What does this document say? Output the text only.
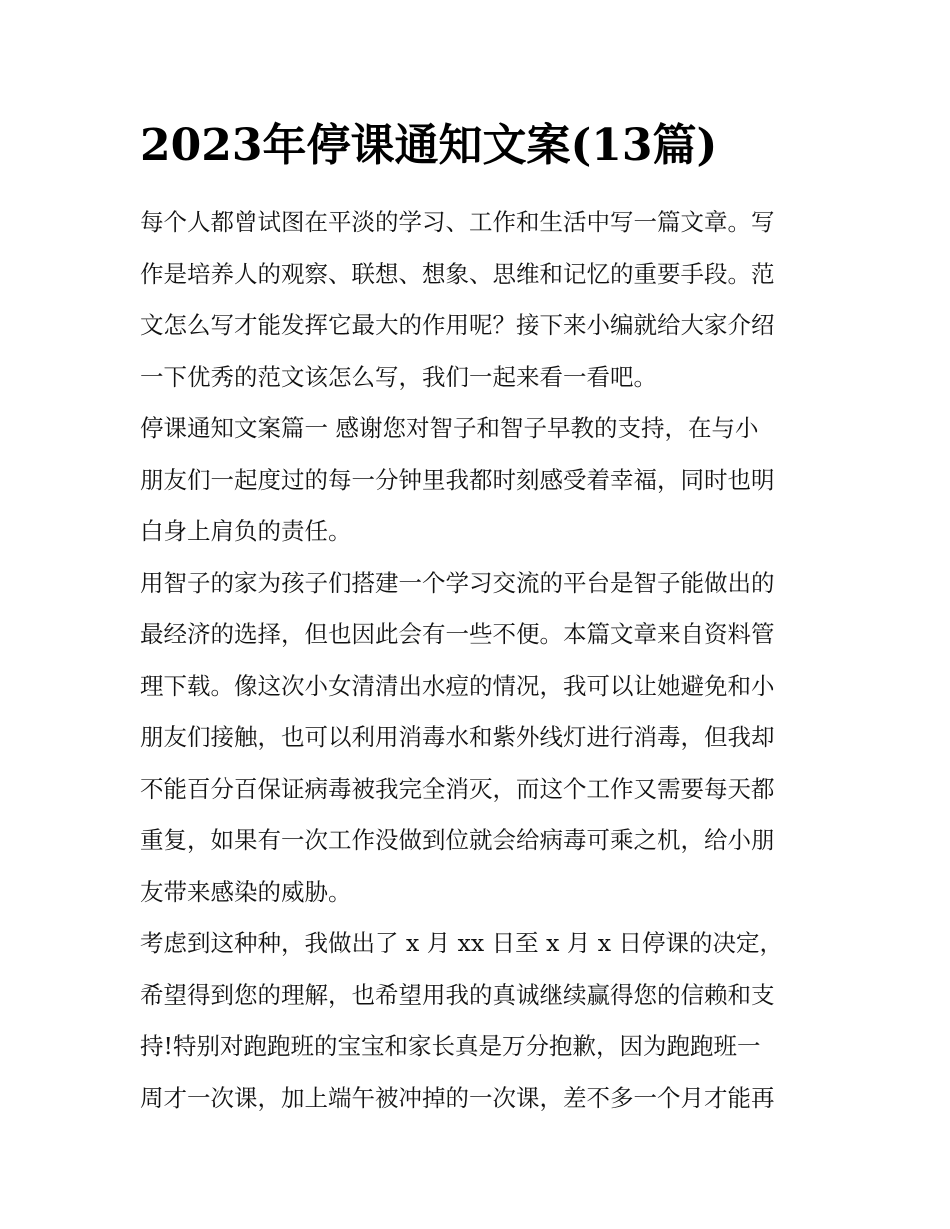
2023年停课通知文案(13篇)
每个人都曾试图在平淡的学习、工作和生活中写一篇文章。写
作是培养人的观察、联想、想象、思维和记忆的重要手段。范
文怎么写才能发挥它最大的作用呢？接下来小编就给大家介绍
一下优秀的范文该怎么写，我们一起来看一看吧。
停课通知文案篇一 感谢您对智子和智子早教的支持，在与小
朋友们一起度过的每一分钟里我都时刻感受着幸福，同时也明
白身上肩负的责任。
用智子的家为孩子们搭建一个学习交流的平台是智子能做出的
最经济的选择，但也因此会有一些不便。本篇文章来自资料管
理下载。像这次小女清清出水痘的情况，我可以让她避免和小
朋友们接触，也可以利用消毒水和紫外线灯进行消毒，但我却
不能百分百保证病毒被我完全消灭，而这个工作又需要每天都
重复，如果有一次工作没做到位就会给病毒可乘之机，给小朋
友带来感染的威胁。
考虑到这种种，我做出了 x 月 xx 日至 x 月 x 日停课的决定，
希望得到您的理解，也希望用我的真诚继续赢得您的信赖和支
持!特别对跑跑班的宝宝和家长真是万分抱歉，因为跑跑班一
周才一次课，加上端午被冲掉的一次课，差不多一个月才能再
